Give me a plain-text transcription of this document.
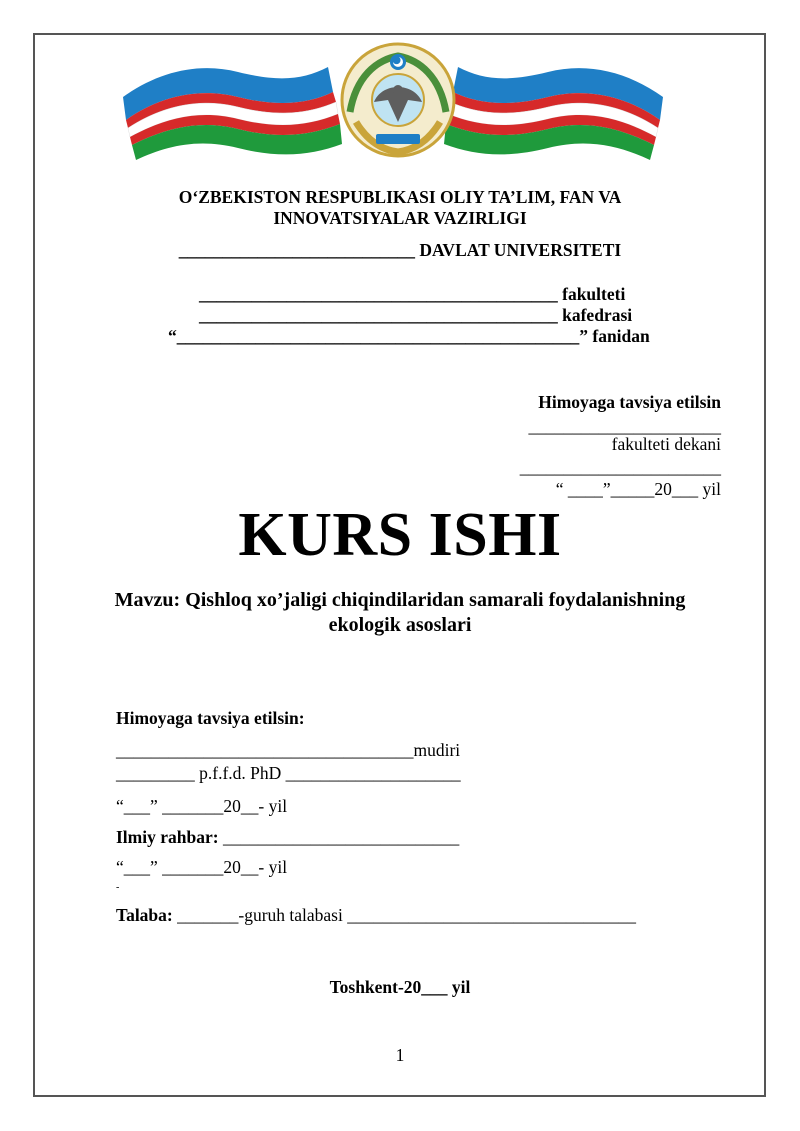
O‘ZBEKISTON RESPUBLIKASI OLIY TA’LIM, FAN VA
INNOVATSIYALAR VAZIRLIGI
___________________________ DAVLAT UNIVERSITETI
_________________________________________ fakulteti
_________________________________________ kafedrasi
“______________________________________________” fanidan
Himoyaga tavsiya etilsin
______________________
fakulteti dekani
_______________________
“ ____”_____20___ yil
KURS ISHI
Mavzu: Qishloq xo’jaligi chiqindilaridan samarali foydalanishning
ekologik asoslari
Himoyaga tavsiya etilsin:
__________________________________mudiri
_________ p.f.f.d. PhD ____________________
“___” _______20__- yil
Ilmiy rahbar: ___________________________
“___” _______20__- yil
-
Talaba: _______-guruh talabasi _________________________________
Toshkent-20___ yil
1
